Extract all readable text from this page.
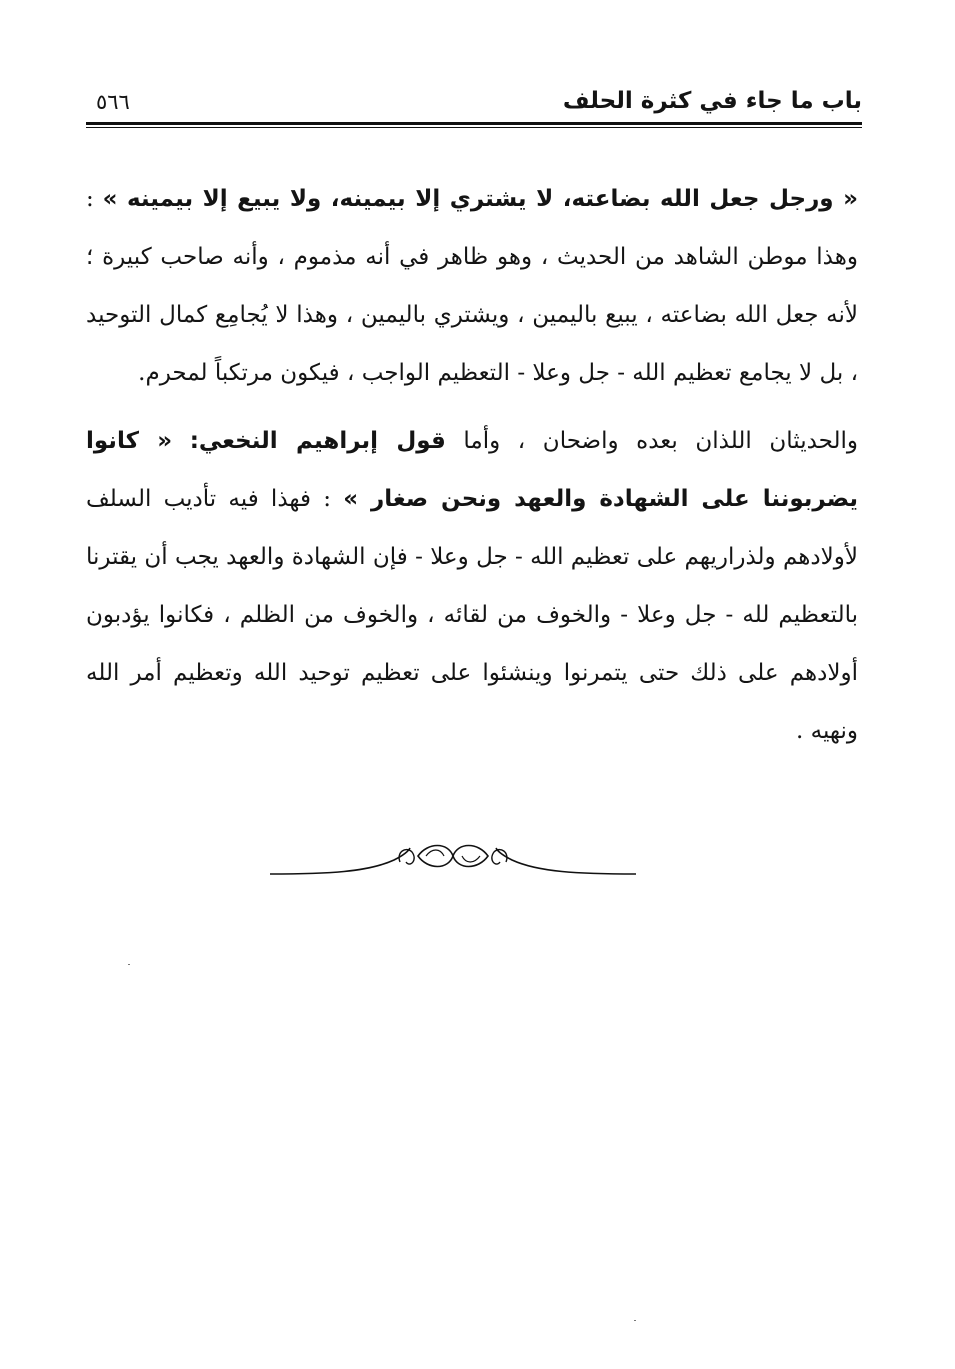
باب ما جاء في كثرة الحلف
٥٦٦

« ورجل جعل الله بضاعته، لا يشتري إلا بيمينه، ولا يبيع إلا بيمينه » : وهذا موطن الشاهد من الحديث ، وهو ظاهر في أنه مذموم ، وأنه صاحب كبيرة ؛ لأنه جعل الله بضاعته ، يبيع باليمين ، ويشتري باليمين ، وهذا لا يُجامِع كمال التوحيد ، بل لا يجامع تعظيم الله - جل وعلا - التعظيم الواجب ، فيكون مرتكباً لمحرم.

والحديثان اللذان بعده واضحان ، وأما قول إبراهيم النخعي: « كانوا يضربوننا على الشهادة والعهد ونحن صغار » : فهذا فيه تأديب السلف لأولادهم ولذراريهم على تعظيم الله - جل وعلا - فإن الشهادة والعهد يجب أن يقترنا بالتعظيم لله - جل وعلا - والخوف من لقائه ، والخوف من الظلم ، فكانوا يؤدبون أولادهم على ذلك حتى يتمرنوا وينشئوا على تعظيم توحيد الله وتعظيم أمر الله ونهيه .
